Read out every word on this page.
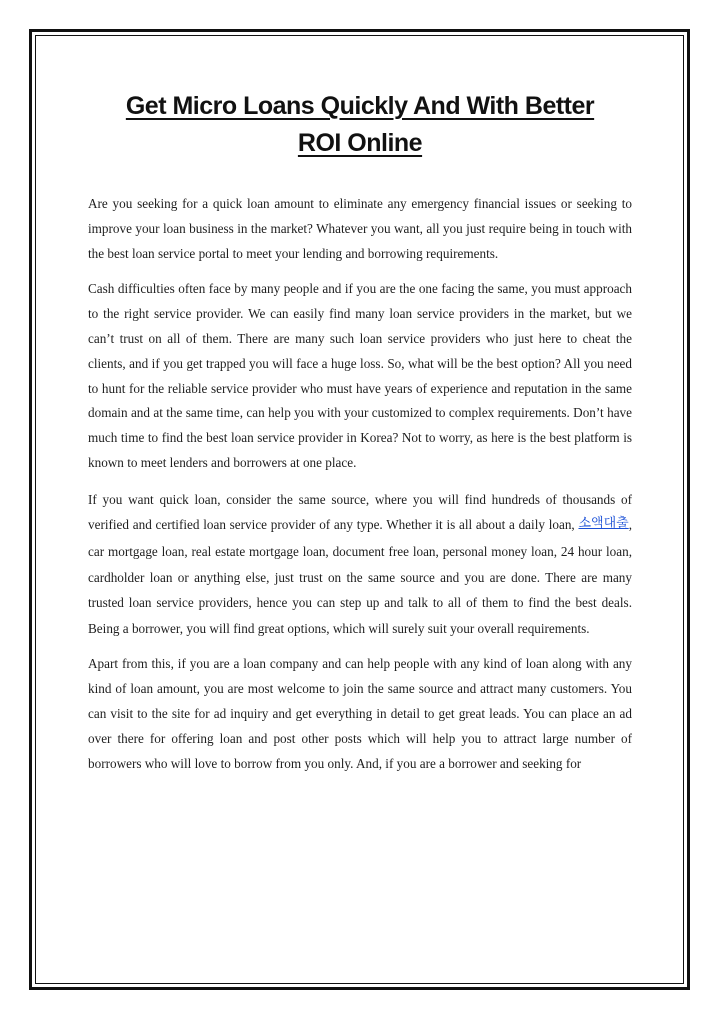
Get Micro Loans Quickly And With Better
ROI Online

Are you seeking for a quick loan amount to eliminate any emergency financial issues or seeking to improve your loan business in the market? Whatever you want, all you just require being in touch with the best loan service portal to meet your lending and borrowing requirements.

Cash difficulties often face by many people and if you are the one facing the same, you must approach to the right service provider. We can easily find many loan service providers in the market, but we can’t trust on all of them. There are many such loan service providers who just here to cheat the clients, and if you get trapped you will face a huge loss. So, what will be the best option? All you need to hunt for the reliable service provider who must have years of experience and reputation in the same domain and at the same time, can help you with your customized to complex requirements. Don’t have much time to find the best loan service provider in Korea? Not to worry, as here is the best platform is known to meet lenders and borrowers at one place.

If you want quick loan, consider the same source, where you will find hundreds of thousands of verified and certified loan service provider of any type. Whether it is all about a daily loan, 소액대출, car mortgage loan, real estate mortgage loan, document free loan, personal money loan, 24 hour loan, cardholder loan or anything else, just trust on the same source and you are done. There are many trusted loan service providers, hence you can step up and talk to all of them to find the best deals. Being a borrower, you will find great options, which will surely suit your overall requirements.

Apart from this, if you are a loan company and can help people with any kind of loan along with any kind of loan amount, you are most welcome to join the same source and attract many customers. You can visit to the site for ad inquiry and get everything in detail to get great leads. You can place an ad over there for offering loan and post other posts which will help you to attract large number of borrowers who will love to borrow from you only. And, if you are a borrower and seeking for
